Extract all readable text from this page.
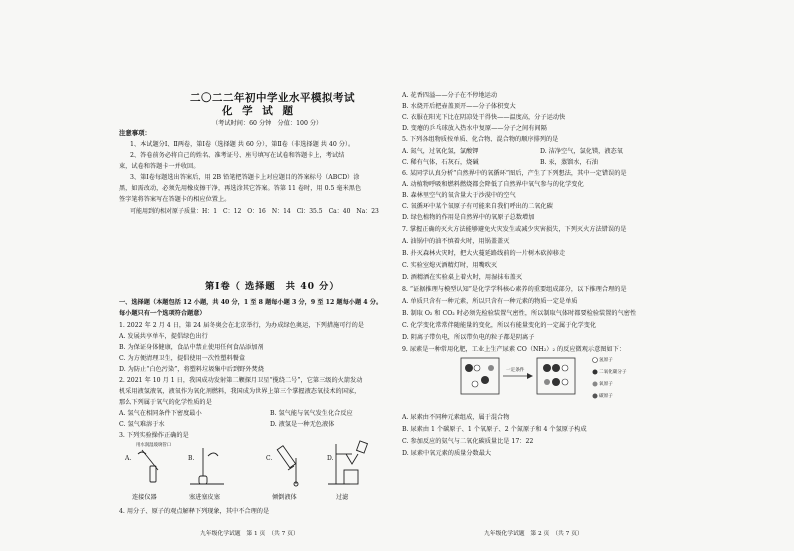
二〇二二年初中学业水平模拟考试
化 学 试 题
（考试时间：60 分钟　分值：100 分）
注意事项：
1、本试题分Ⅰ、Ⅱ两卷，第Ⅰ卷（选择题 共 60 分），第Ⅱ卷（非选择题 共 40 分）。
2、答卷前务必将自己的姓名、准考证号、座号填写在试卷和答题卡上，考试结
束，试卷和答题卡一并收回。
3、第Ⅰ卷每题选出答案后，用 2B 铅笔把答题卡上对应题目的答案标号（ABCD）涂
黑，如需改动，必须先用橡皮擦干净，再选涂其它答案。答第 11 卷时，用 0.5 毫米黑色
签字笔将答案写在答题卡的相应位置上。
可能用到的相对原子质量：H：1　C：12　O：16　N：14　Cl：35.5　Ca：40　Na：23
第Ⅰ卷（ 选择题　共 40 分）
一、选择题（本题包括 12 小题，共 40 分，1 至 8 题每小题 3 分，9 至 12 题每小题 4 分。
每小题只有一个选项符合题意）
1. 2022 年 2 月 4 日，第 24 届冬奥会在北京举行，为办成绿色奥运，下列措施可行的是
A. 发展共享单车，提倡绿色出行
B. 为保证身体健康，食品中禁止使用任何食品添加剂
C. 为方便清理卫生，提倡使用一次性塑料餐盒
D. 为防止“白色污染”，将塑料垃圾集中后到野外焚烧
2. 2021 年 10 月 1 日，我国成功发射第二颗探月卫星“揽绕二号”，它第三级的火箭发动
机采用液氢液氧，液氧作为氧化剂燃料，我国成为世界上第三个掌握液态氧技术的国家，
那么下列属于氧气的化学性质的是
A. 氢气在相同条件下密度最小	B. 氢气能与氧气发生化合反应
C. 氢气难溶于水	D. 液氢是一种无色液体
3. 下列实验操作正确的是
用水润湿玻璃管口
A.	B.	C.	D.
连接仪器	塞进塞皮塞	倾倒液体	过滤
4. 用分子、原子的观点解释下列现象，其中不合理的是
九年级化学试题　第 1 页　（共 7 页）
A. 花香四溢——分子在不停地运动
B. 水烧开后把壶盖顶开——分子体积变大
C. 衣服在阳光下比在阴凉处干得快——温度高，分子运动快
D. 变瘪的乒乓球放入热水中复原——分子之间有间隔
5. 下列各组物质按单质、化合物、混合物的顺序排列的是
A. 氮气，过氧化氢，氯酸钾	D. 洁净空气，氯化镁，液态氧
C. 稀有气体，石灰石，烧碱	B. 汞，蒸馏水，石油
6. 某同学认真分析“自然界中的氧循环”图后，产生了下列想法，其中一定错误的是
A. 动植物呼吸和燃料燃烧都会降低了自然界中氧气参与的化学变化
B. 森林里空气的氧含量大于沙漠中的空气
C. 氧循环中某个氧原子有可能来自我们呼出的二氧化碳
D. 绿色植物的作用是自然界中的氧原子总数增加
7. 掌握正确的灭火方法能够避免火灾发生或减少灾害损失，下列灭火方法错误的是
A. 油锅中的油不慎着火时，用锅盖盖灭
B. 扑灭森林火灾时，把大火蔓延路线前的一片树木砍掉移走
C. 实验室熄灭酒精灯时，用嘴吹灭
D. 酒精洒在实验桌上着火时，用湿抹布盖灭
8. “证据推理与模型认知”是化学学科核心素养的重要组成部分，以下推理合理的是
A. 单质只含有一种元素，所以只含有一种元素的物质一定是单质
B. 制取 O₂ 和 CO₂ 时必须先检验装置气密性，所以制取气体时都要检验装置的气密性
C. 化学变化常常伴随能量的变化，所以有能量变化的一定属于化学变化
D. 阴离子带负电，所以带负电的粒子都是阴离子
9. 尿素是一种常用化肥，工业上生产尿素 CO（NH₂）₂ 的反应微观示意图如下：
一定条件
氢原子
二氧化碳分子
氧原子
碳原子
A. 尿素由不同种元素组成，属于混合物
B. 尿素由 1 个碳原子、1 个氧原子、2 个氮原子和 4 个氢原子构成
C. 参加反应的氨气与二氧化碳质量比是 17：22
D. 尿素中氧元素的质量分数最大
九年级化学试题　第 2 页　（共 7 页）
